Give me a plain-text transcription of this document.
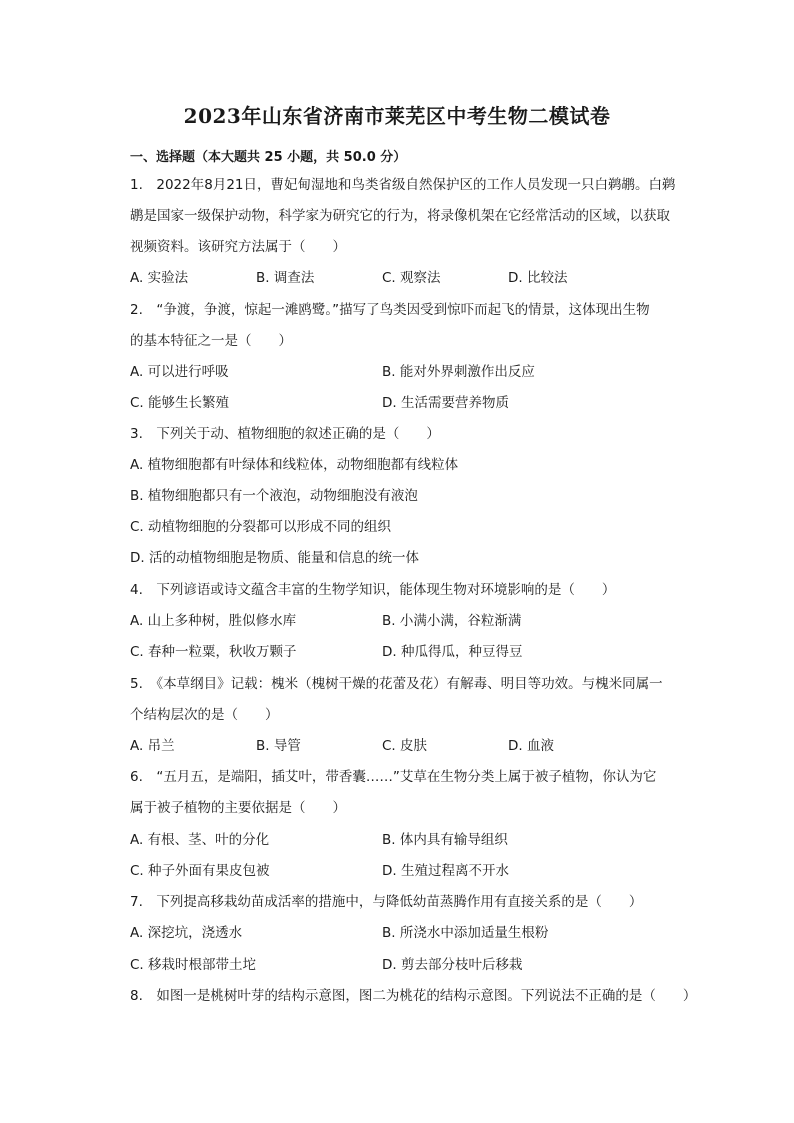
2023年山东省济南市莱芜区中考生物二模试卷
一、选择题（本大题共 25 小题，共 50.0 分）
1.　2022年8月21日，曹妃甸湿地和鸟类省级自然保护区的工作人员发现一只白鹈鹕。白鹈
鹕是国家一级保护动物，科学家为研究它的行为，将录像机架在它经常活动的区域，以获取
视频资料。该研究方法属于（　　）
A. 实验法	B. 调查法	C. 观察法	D. 比较法
2.　“争渡，争渡，惊起一滩鸥鹭。”描写了鸟类因受到惊吓而起飞的情景，这体现出生物
的基本特征之一是（　　）
A. 可以进行呼吸	B. 能对外界刺激作出反应
C. 能够生长繁殖	D. 生活需要营养物质
3.　下列关于动、植物细胞的叙述正确的是（　　）
A. 植物细胞都有叶绿体和线粒体，动物细胞都有线粒体
B. 植物细胞都只有一个液泡，动物细胞没有液泡
C. 动植物细胞的分裂都可以形成不同的组织
D. 活的动植物细胞是物质、能量和信息的统一体
4.　下列谚语或诗文蕴含丰富的生物学知识，能体现生物对环境影响的是（　　）
A. 山上多种树，胜似修水库	B. 小满小满，谷粒渐满
C. 春种一粒粟，秋收万颗子	D. 种瓜得瓜，种豆得豆
5.　《本草纲目》记载：槐米（槐树干燥的花蕾及花）有解毒、明目等功效。与槐米同属一
个结构层次的是（　　）
A. 吊兰	B. 导管	C. 皮肤	D. 血液
6.　“五月五，是端阳，插艾叶，带香囊……”艾草在生物分类上属于被子植物，你认为它
属于被子植物的主要依据是（　　）
A. 有根、茎、叶的分化	B. 体内具有输导组织
C. 种子外面有果皮包被	D. 生殖过程离不开水
7.　下列提高移栽幼苗成活率的措施中，与降低幼苗蒸腾作用有直接关系的是（　　）
A. 深挖坑，浇透水	B. 所浇水中添加适量生根粉
C. 移栽时根部带土坨	D. 剪去部分枝叶后移栽
8.　如图一是桃树叶芽的结构示意图，图二为桃花的结构示意图。下列说法不正确的是（　　）
